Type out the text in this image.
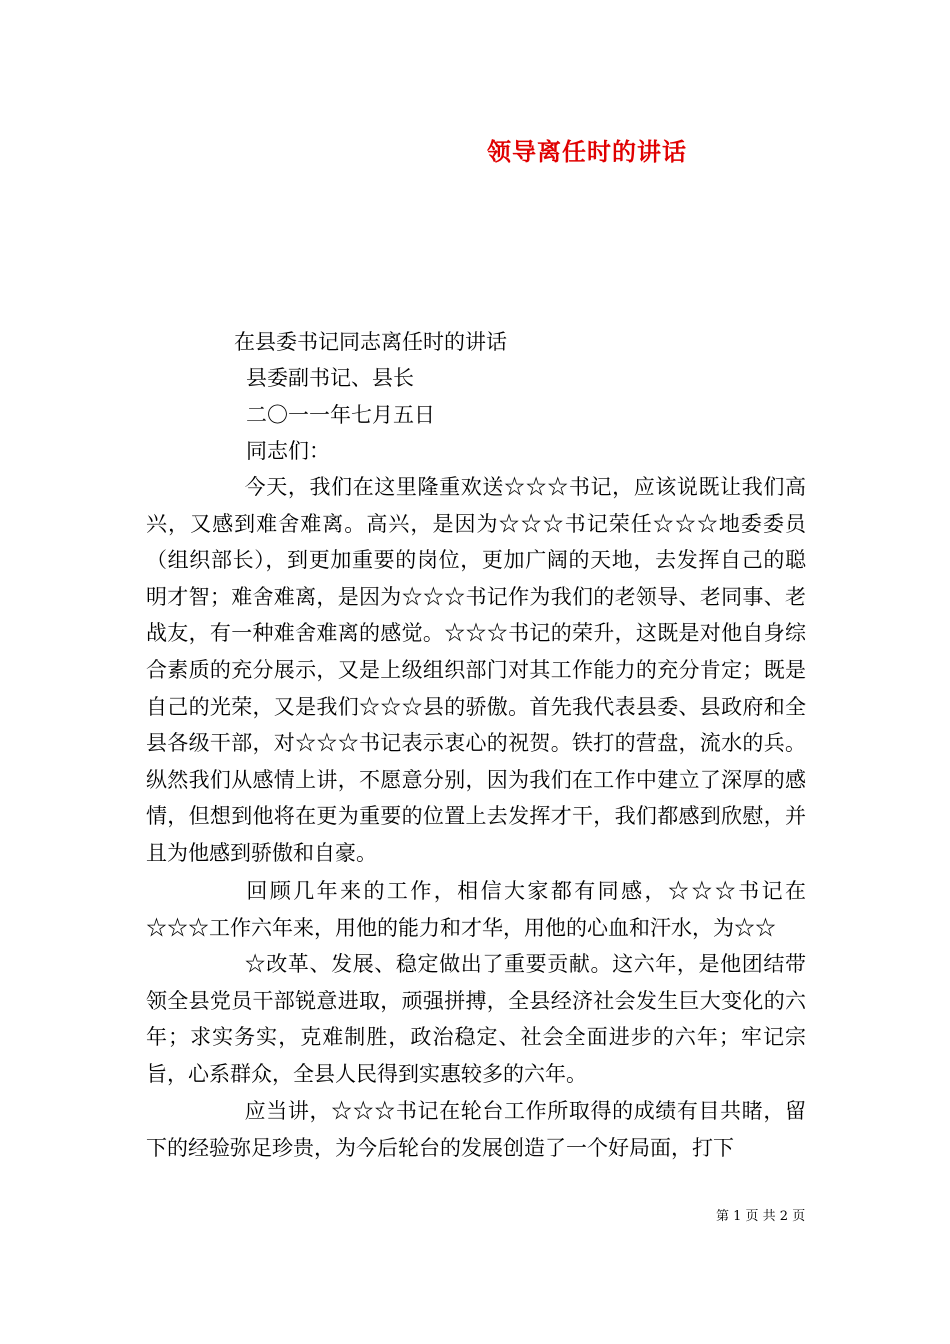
领导离任时的讲话
在县委书记同志离任时的讲话
县委副书记、县长
二〇一一年七月五日
同志们：

今天，我们在这里隆重欢送☆☆☆书记，应该说既让我们高兴，又感到难舍难离。高兴，是因为☆☆☆书记荣任☆☆☆地委委员（组织部长），到更加重要的岗位，更加广阔的天地，去发挥自己的聪明才智；难舍难离，是因为☆☆☆书记作为我们的老领导、老同事、老战友，有一种难舍难离的感觉。☆☆☆书记的荣升，这既是对他自身综合素质的充分展示，又是上级组织部门对其工作能力的充分肯定；既是自己的光荣，又是我们☆☆☆县的骄傲。首先我代表县委、县政府和全县各级干部，对☆☆☆书记表示衷心的祝贺。铁打的营盘，流水的兵。纵然我们从感情上讲，不愿意分别，因为我们在工作中建立了深厚的感情，但想到他将在更为重要的位置上去发挥才干，我们都感到欣慰，并且为他感到骄傲和自豪。

回顾几年来的工作，相信大家都有同感，☆☆☆书记在☆☆☆工作六年来，用他的能力和才华，用他的心血和汗水，为☆☆

☆改革、发展、稳定做出了重要贡献。这六年，是他团结带领全县党员干部锐意进取，顽强拼搏，全县经济社会发生巨大变化的六年；求实务实，克难制胜，政治稳定、社会全面进步的六年；牢记宗旨，心系群众，全县人民得到实惠较多的六年。

应当讲，☆☆☆书记在轮台工作所取得的成绩有目共睹，留下的经验弥足珍贵，为今后轮台的发展创造了一个好局面，打下

第 1 页 共 2 页
